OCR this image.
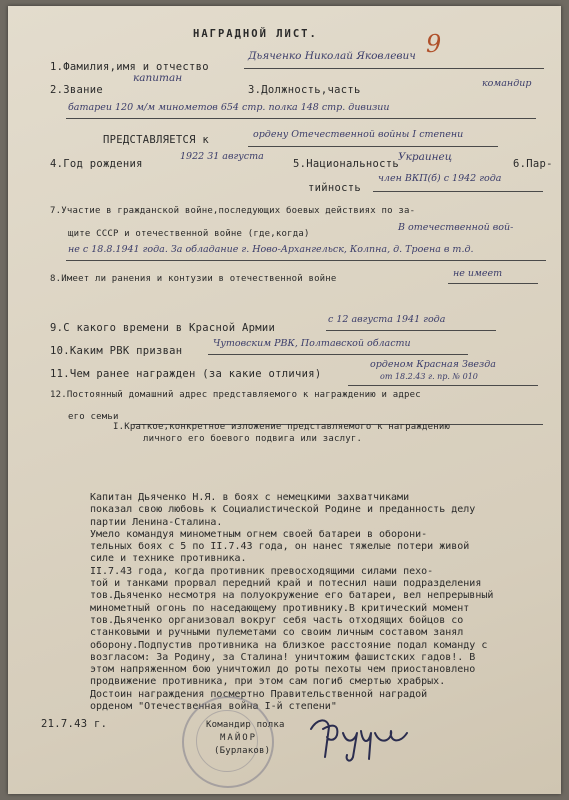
НАГРАДНОЙ ЛИСТ.	9
1.Фамилия,имя и отчество
Дьяченко Николай Яковлевич
2.Звание
капитан
3.Должность,часть
командир
батареи 120 м/м минометов 654 стр. полка 148 стр. дивизии
ПРЕДСТАВЛЯЕТСЯ к	ордену Отечественной войны I степени
4.Год рождения
1922 31 августа
5.Национальность
Украинец
6.Пар-
тийность
член ВКП(б) с 1942 года
7.Участие в гражданской войне,последующих боевых действиях по за-
щите СССР и отечественной войне (где,когда)
В отечественной вой-
не с 18.8.1941 года. За обладание г. Ново-Архангельск, Колпна, д. Троена в т.д.
8.Имеет ли ранения и контузии в отечественной войне	не имеет
9.С какого времени в Красной Армии
с 12 августа 1941 года
10.Каким РВК призван
Чутовским РВК, Полтавской области
11.Чем ранее награжден (за какие отличия)
орденом Красная Звезда
от 18.2.43 г. пр. № 010
12.Постоянный домашний адрес представляемого к награждению и адрес
его семьи
I.Краткое,конкретное изложение представляемого к награждению
личного его боевого подвига или заслуг.
Капитан Дьяченко Н.Я. в боях с немецкими захватчиками
показал свою любовь к Социалистической Родине и преданность делу
партии Ленина-Сталина.
Умело командуя минометным огнем своей батареи в оборони-
тельных боях с 5 по II.7.43 года, он нанес тяжелые потери живой
силе и технике противника.
II.7.43 года, когда противник превосходящими силами пехо-
той и танками прорвал передний край и потеснил наши подразделения
тов.Дьяченко несмотря на полуокружение его батареи, вел непрерывный
минометный огонь по наседающему противнику.В критический момент
тов.Дьяченко организовал вокруг себя часть отходящих бойцов со
станковыми и ручными пулеметами со своим личным составом занял
оборону.Подпустив противника на близкое расстояние подал команду с
возгласом: За Родину, за Сталина! уничтожим фашистских гадов!. В
этом напряженном бою уничтожил до роты пехоты чем приостановлено
продвижение противника, при этом сам погиб смертью храбрых.
Достоин награждения посмертно Правительственной наградой
орденом "Отечественная война I-й степени"
21.7.43 г.	Командир полка
МАЙОР
(Бурлаков)
